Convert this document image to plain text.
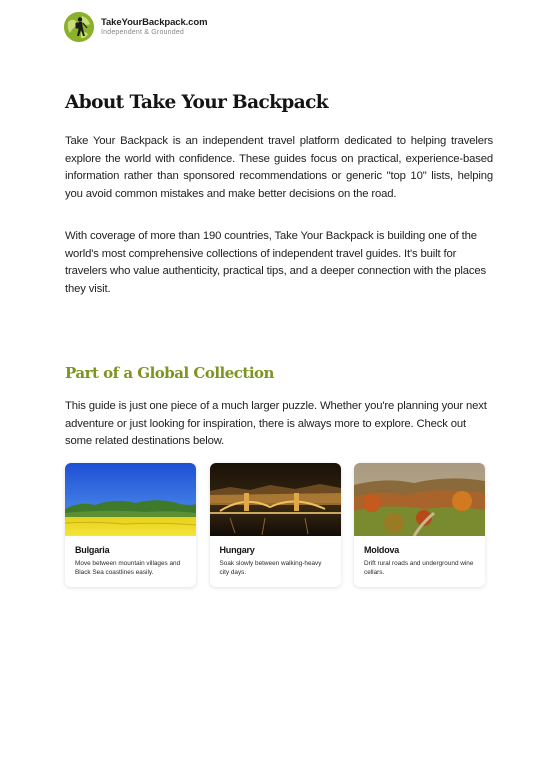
TakeYourBackpack.com
Independent & Grounded
About Take Your Backpack

Take Your Backpack is an independent travel platform dedicated to helping travelers explore the world with confidence. These guides focus on practical, experience-based information rather than sponsored recommendations or generic "top 10" lists, helping you avoid common mistakes and make better decisions on the road.

With coverage of more than 190 countries, Take Your Backpack is building one of the world's most comprehensive collections of independent travel guides. It's built for travelers who value authenticity, practical tips, and a deeper connection with the places they visit.

Part of a Global Collection

This guide is just one piece of a much larger puzzle. Whether you're planning your next adventure or just looking for inspiration, there is always more to explore. Check out some related destinations below.

Bulgaria
Move between mountain villages and Black Sea coastlines easily.
Hungary
Soak slowly between walking-heavy city days.
Moldova
Drift rural roads and underground wine cellars.
